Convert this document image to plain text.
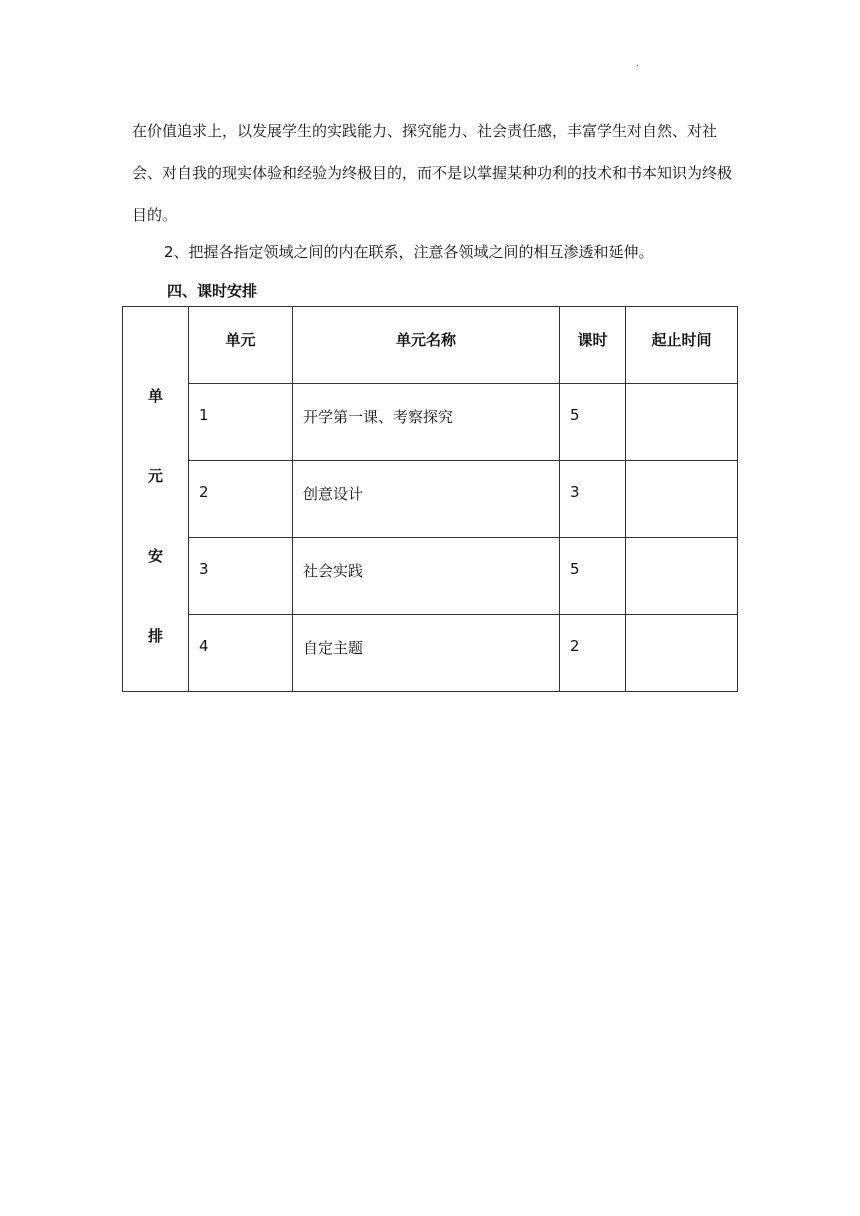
.
在价值追求上，以发展学生的实践能力、探究能力、社会责任感，丰富学生对自然、对社会、对自我的现实体验和经验为终极目的，而不是以掌握某种功利的技术和书本知识为终极目的。
2、把握各指定领域之间的内在联系，注意各领域之间的相互渗透和延伸。
四、课时安排
单
元
安
排	单元	单元名称	课时	起止时间

	1	开学第一课、考察探究	5	

	2	创意设计	3	

	3	社会实践	5	

	4	自定主题	2	
